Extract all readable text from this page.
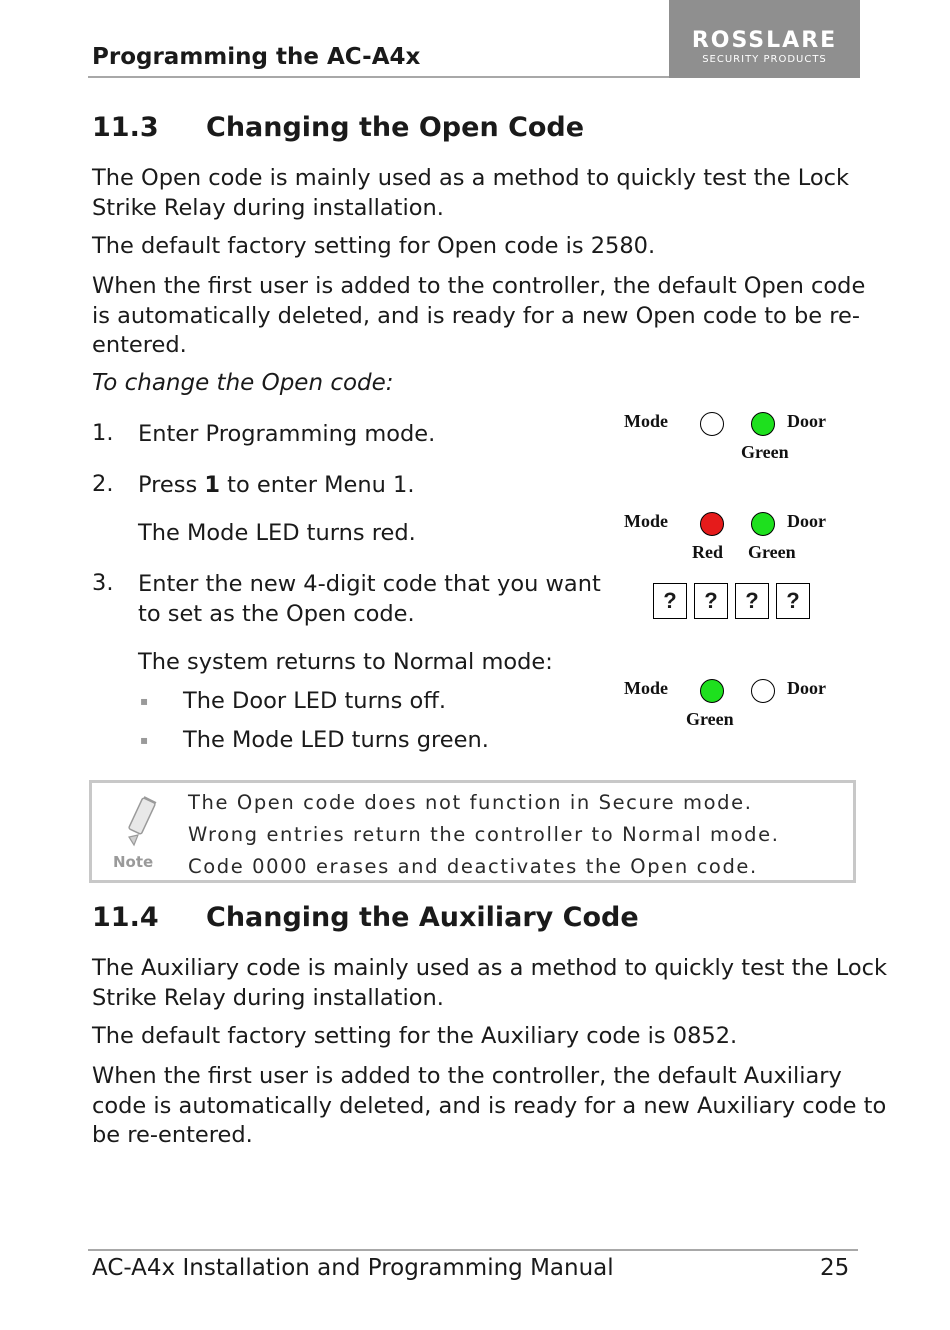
Programming the AC-A4x
ROSSLARE
SECURITY PRODUCTS
11.3 Changing the Open Code
The Open code is mainly used as a method to quickly test the Lock
Strike Relay during installation.
The default factory setting for Open code is 2580.
When the first user is added to the controller, the default Open code
is automatically deleted, and is ready for a new Open code to be re-
entered.
To change the Open code:
1. Enter Programming mode.
2. Press 1 to enter Menu 1.
The Mode LED turns red.
3. Enter the new 4-digit code that you want
to set as the Open code.
The system returns to Normal mode:
▪ The Door LED turns off.
▪ The Mode LED turns green.
Mode	Door
Green
Mode	Door
Red Green
?	?	?	?
Mode	Door
Green
Note
The Open code does not function in Secure mode.
Wrong entries return the controller to Normal mode.
Code 0000 erases and deactivates the Open code.
11.4 Changing the Auxiliary Code
The Auxiliary code is mainly used as a method to quickly test the Lock
Strike Relay during installation.
The default factory setting for the Auxiliary code is 0852.
When the first user is added to the controller, the default Auxiliary
code is automatically deleted, and is ready for a new Auxiliary code to
be re-entered.
AC-A4x Installation and Programming Manual	25
